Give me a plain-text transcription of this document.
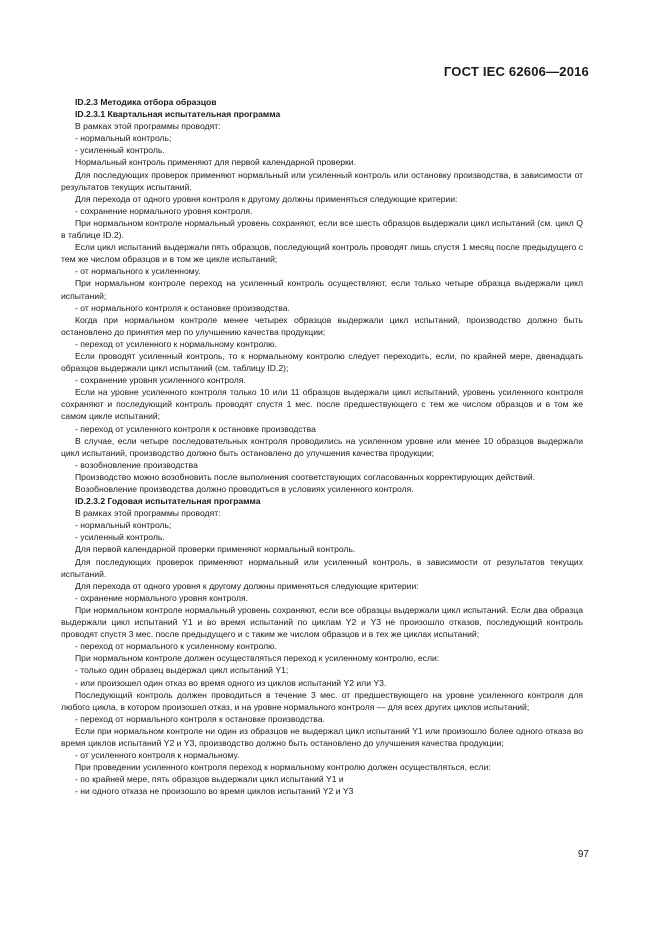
ГОСТ IEC 62606—2016

ID.2.3 Методика отбора образцов

ID.2.3.1 Квартальная испытательная программа

В рамках этой программы проводят:

- нормальный контроль;

- усиленный контроль.

Нормальный контроль применяют для первой календарной проверки.

Для последующих проверок применяют нормальный или усиленный контроль или остановку производства, в зависимости от результатов текущих испытаний.

Для перехода от одного уровня контроля к другому должны применяться следующие критерии:

- сохранение нормального уровня контроля.

При нормальном контроле нормальный уровень сохраняют, если все шесть образцов выдержали цикл испытаний (см. цикл Q в таблице ID.2).

Если цикл испытаний выдержали пять образцов, последующий контроль проводят лишь спустя 1 месяц после предыдущего с тем же числом образцов и в том же цикле испытаний;

- от нормального к усиленному.

При нормальном контроле переход на усиленный контроль осуществляют, если только четыре образца выдержали цикл испытаний;

- от нормального контроля к остановке производства.

Когда при нормальном контроле менее четырех образцов выдержали цикл испытаний, производство должно быть остановлено до принятия мер по улучшению качества продукции;

- переход от усиленного к нормальному контролю.

Если проводят усиленный контроль, то к нормальному контролю следует переходить, если, по крайней мере, двенадцать образцов выдержали цикл испытаний (см. таблицу ID.2);

- сохранение уровня усиленного контроля.

Если на уровне усиленного контроля только 10 или 11 образцов выдержали цикл испытаний, уровень усиленного контроля сохраняют и последующий контроль проводят спустя 1 мес. после предшествующего с тем же числом образцов и в том же самом цикле испытаний;

- переход от усиленного контроля к остановке производства

В случае, если четыре последовательных контроля проводились на усиленном уровне или менее 10 образцов выдержали цикл испытаний, производство должно быть остановлено до улучшения качества продукции;

- возобновление производства

Производство можно возобновить после выполнения соответствующих согласованных корректирующих действий.

Возобновление производства должно проводиться в условиях усиленного контроля.

ID.2.3.2 Годовая испытательная программа

В рамках этой программы проводят:

- нормальный контроль;

- усиленный контроль.

Для первой календарной проверки применяют нормальный контроль.

Для последующих проверок применяют нормальный или усиленный контроль, в зависимости от результатов текущих испытаний.

Для перехода от одного уровня к другому должны применяться следующие критерии:

- охранение нормального уровня контроля.

При нормальном контроле нормальный уровень сохраняют, если все образцы выдержали цикл испытаний. Если два образца выдержали цикл испытаний Y1 и во время испытаний по циклам Y2 и Y3 не произошло отказов, последующий контроль проводят спустя 3 мес. после предыдущего и с таким же числом образцов и в тех же циклах испытаний;

- переход от нормального к усиленному контролю.

При нормальном контроле должен осуществляться переход к усиленному контролю, если:

- только один образец выдержал цикл испытаний Y1;

- или произошел один отказ во время одного из циклов испытаний Y2 или Y3.

Последующий контроль должен проводиться в течение 3 мес. от предшествующего на уровне усиленного контроля для любого цикла, в котором произошел отказ, и на уровне нормального контроля — для всех других циклов испытаний;

- переход от нормального контроля к остановке производства.

Если при нормальном контроле ни один из образцов не выдержал цикл испытаний Y1 или произошло более одного отказа во время циклов испытаний Y2 и Y3, производство должно быть остановлено до улучшения качества продукции;

- от усиленного контроля к нормальному.

При проведении усиленного контроля переход к нормальному контролю должен осуществляться, если:

- по крайней мере, пять образцов выдержали цикл испытаний Y1 и

- ни одного отказа не произошло во время циклов испытаний Y2 и Y3

97
